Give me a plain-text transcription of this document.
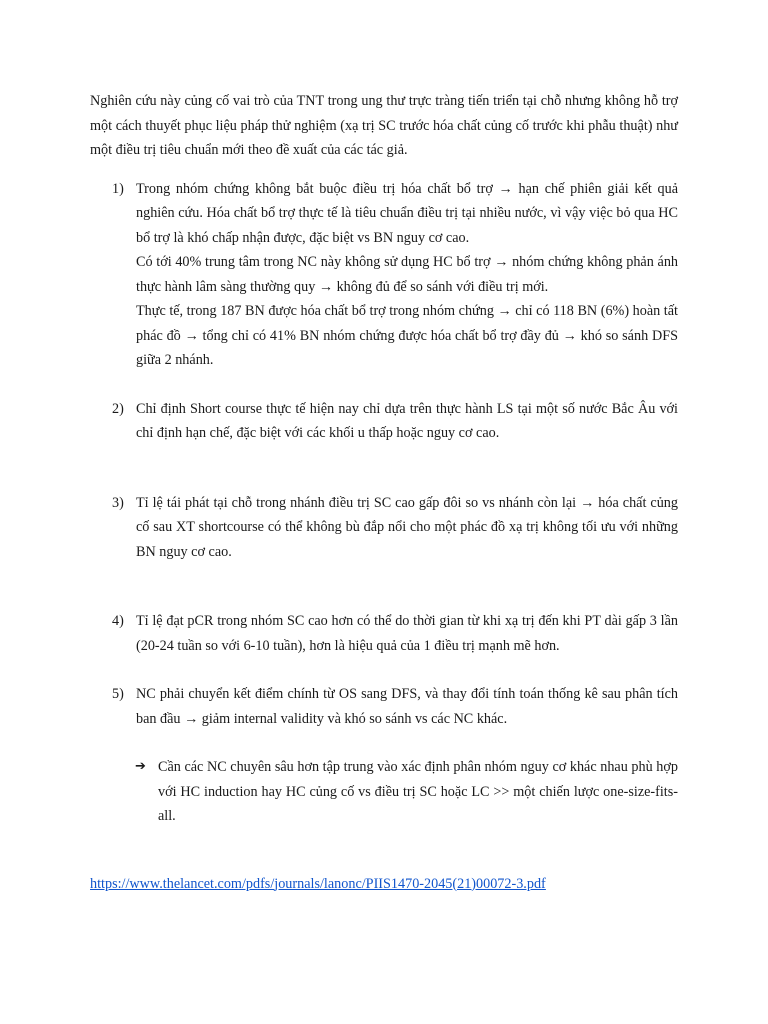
Nghiên cứu này củng cố vai trò của TNT trong ung thư trực tràng tiến triển tại chỗ nhưng không hỗ trợ một cách thuyết phục liệu pháp thử nghiệm (xạ trị SC trước hóa chất củng cố trước khi phẫu thuật) như một điều trị tiêu chuẩn mới theo đề xuất của các tác giả.

1) Trong nhóm chứng không bắt buộc điều trị hóa chất bổ trợ → hạn chế phiên giải kết quả nghiên cứu. Hóa chất bổ trợ thực tế là tiêu chuẩn điều trị tại nhiều nước, vì vậy việc bỏ qua HC bổ trợ là khó chấp nhận được, đặc biệt vs BN nguy cơ cao.

Có tới 40% trung tâm trong NC này không sử dụng HC bổ trợ → nhóm chứng không phản ánh thực hành lâm sàng thường quy → không đủ để so sánh với điều trị mới.

Thực tế, trong 187 BN được hóa chất bổ trợ trong nhóm chứng → chỉ có 118 BN (6%) hoàn tất phác đồ → tổng chỉ có 41% BN nhóm chứng được hóa chất bổ trợ đầy đủ → khó so sánh DFS giữa 2 nhánh.

2) Chỉ định Short course thực tế hiện nay chỉ dựa trên thực hành LS tại một số nước Bắc Âu với chỉ định hạn chế, đặc biệt với các khối u thấp hoặc nguy cơ cao.

3) Tỉ lệ tái phát tại chỗ trong nhánh điều trị SC cao gấp đôi so vs nhánh còn lại → hóa chất củng cố sau XT shortcourse có thể không bù đắp nổi cho một phác đồ xạ trị không tối ưu với những BN nguy cơ cao.

4) Tỉ lệ đạt pCR trong nhóm SC cao hơn có thể do thời gian từ khi xạ trị đến khi PT dài gấp 3 lần (20-24 tuần so với 6-10 tuần), hơn là hiệu quả của 1 điều trị mạnh mẽ hơn.

5) NC phải chuyển kết điểm chính từ OS sang DFS, và thay đổi tính toán thống kê sau phân tích ban đầu → giảm internal validity và khó so sánh vs các NC khác.

➔ Cần các NC chuyên sâu hơn tập trung vào xác định phân nhóm nguy cơ khác nhau phù hợp với HC induction hay HC củng cố vs điều trị SC hoặc LC >> một chiến lược one-size-fits-all.

https://www.thelancet.com/pdfs/journals/lanonc/PIIS1470-2045(21)00072-3.pdf
